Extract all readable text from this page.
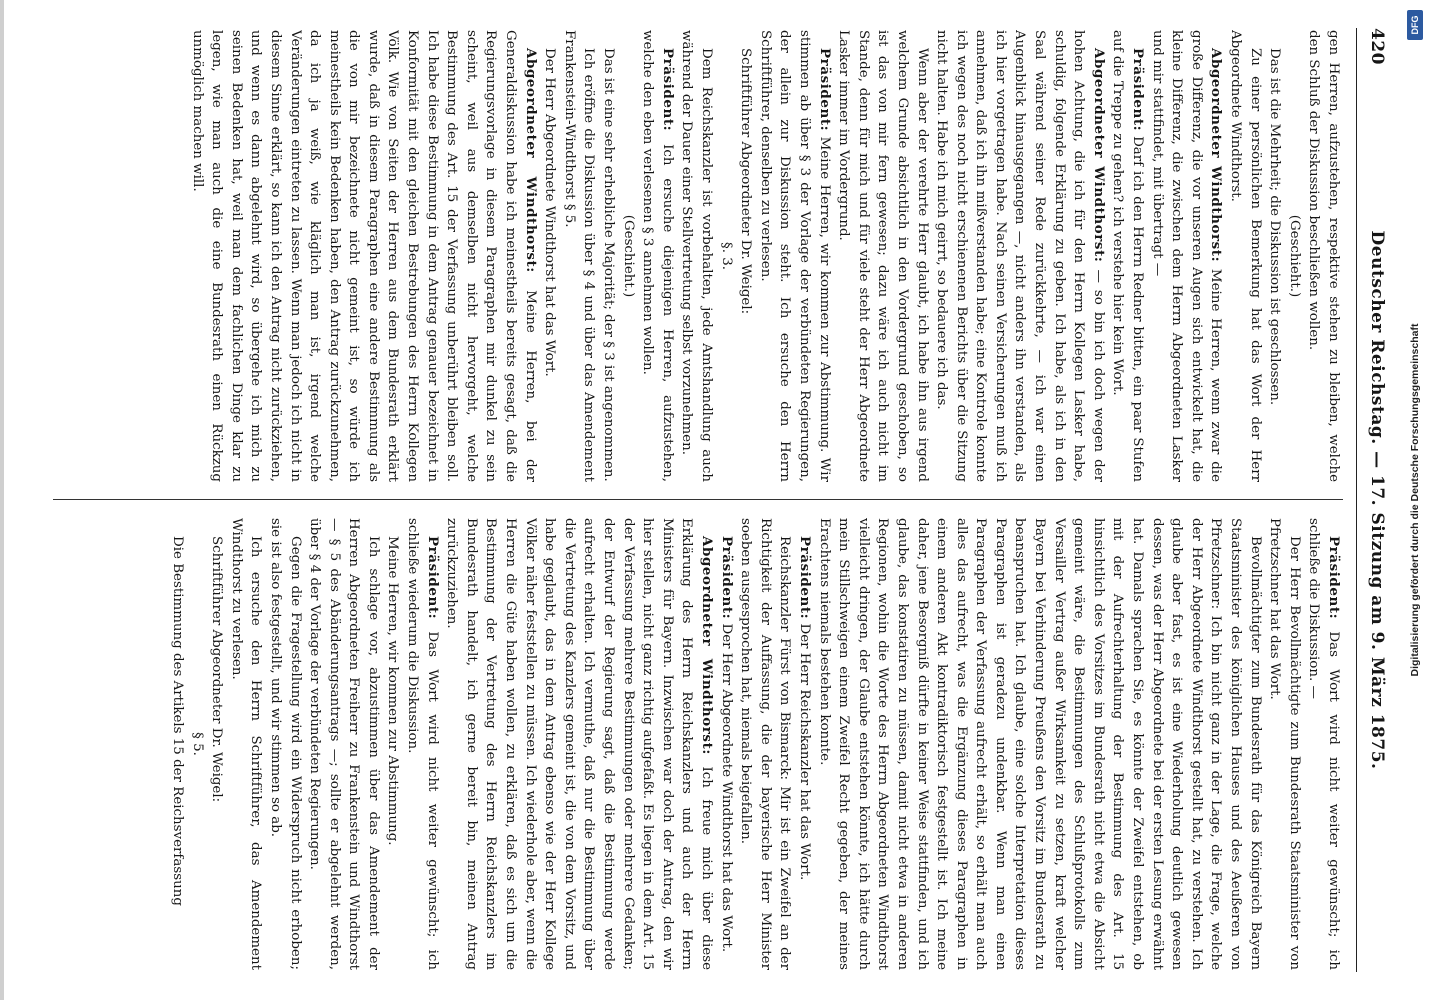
420
Deutscher Reichstag. — 17. Sitzung am 9. März 1875.

gen Herren, aufzustehen, respektive stehen zu bleiben, welche den Schluß der Diskussion beschließen wollen.

(Geschieht.)

Das ist die Mehrheit; die Diskussion ist geschlossen.

Zu einer persönlichen Bemerkung hat das Wort der Herr Abgeordnete Windthorst.

Abgeordneter Windthorst: Meine Herren, wenn zwar die große Differenz, die vor unseren Augen sich entwickelt hat, die kleine Differenz, die zwischen dem Herrn Abgeordneten Lasker und mir stattfindet, mit übertragt —

Präsident: Darf ich den Herrn Redner bitten, ein paar Stufen auf die Treppe zu gehen? ich verstehe hier kein Wort.

Abgeordneter Windthorst: — so bin ich doch wegen der hohen Achtung, die ich für den Herrn Kollegen Lasker habe, schuldig, folgende Erklärung zu geben. Ich habe, als ich in den Saal während seiner Rede zurückkehrte, — ich war einen Augenblick hinausgegangen —, nicht anders ihn verstanden, als ich hier vorgetragen habe. Nach seinen Versicherungen muß ich annehmen, daß ich ihn mißverstanden habe; eine Kontrole konnte ich wegen des noch nicht erschienenen Berichts über die Sitzung nicht halten. Habe ich mich geirrt, so bedauere ich das.

Wenn aber der verehrte Herr glaubt, ich habe ihn aus irgend welchem Grunde absichtlich in den Vordergrund geschoben, so ist das von mir fern gewesen; dazu wäre ich auch nicht im Stande, denn für mich und für viele steht der Herr Abgeordnete Lasker immer im Vordergrund.

Präsident: Meine Herren, wir kommen zur Abstimmung. Wir stimmen ab über § 3 der Vorlage der verbündeten Regierungen, der allein zur Diskussion steht. Ich ersuche den Herrn Schriftführer, denselben zu verlesen.

Schriftführer Abgeordneter Dr. Weigel:

§. 3.

Dem Reichskanzler ist vorbehalten, jede Amtshandlung auch während der Dauer einer Stellvertretung selbst vorzunehmen.

Präsident: Ich ersuche diejenigen Herren, aufzustehen, welche den eben verlesenen § 3 annehmen wollen.

(Geschieht.)

Das ist eine sehr erhebliche Majorität; der § 3 ist angenommen.

Ich eröffne die Diskussion über § 4 und über das Amendement Frankenstein-Windthorst § 5.

Der Herr Abgeordnete Windthorst hat das Wort.

Abgeordneter Windthorst: Meine Herren, bei der Generaldiskussion habe ich meinestheils bereits gesagt, daß die Regierungsvorlage in diesem Paragraphen mir dunkel zu sein scheint, weil aus demselben nicht hervorgeht, welche Bestimmung des Art. 15 der Verfassung unberührt bleiben soll. Ich habe diese Bestimmung in dem Antrag genauer bezeichnet in Konformität mit den gleichen Bestrebungen des Herrn Kollegen Völk. Wie von Seiten der Herren aus dem Bundesrath erklärt wurde, daß in diesem Paragraphen eine andere Bestimmung als die von mir bezeichnete nicht gemeint ist, so würde ich meinestheils kein Bedenken haben, den Antrag zurückzunehmen, da ich ja weiß, wie kläglich man ist, irgend welche Veränderungen eintreten zu lassen. Wenn man jedoch ich nicht in diesem Sinne erklärt, so kann ich den Antrag nicht zurückziehen, und wenn es dann abgelehnt wird, so übergehe ich mich zu seinen Bedenken hat, weil man dem fachlichen Dinge klar zu legen, wie man auch die eine Bundesrath einen Rückzug unmöglich machen will.

Präsident: Das Wort wird nicht weiter gewünscht; ich schließe die Diskussion. —

Der Herr Bevollmächtigte zum Bundesrath Staatsminister von Pfretzschner hat das Wort.

Bevollmächtigter zum Bundesrath für das Königreich Bayern Staatsminister des königlichen Hauses und des Aeußeren von Pfretzschner: Ich bin nicht ganz in der Lage, die Frage, welche der Herr Abgeordnete Windthorst gestellt hat, zu verstehen. Ich glaube aber fast, es ist eine Wiederholung deutlich gewesen dessen, was der Herr Abgeordnete bei der ersten Lesung erwähnt hat. Damals sprachen Sie, es könnte der Zweifel entstehen, ob mit der Aufrechterhaltung der Bestimmung des Art. 15 hinsichtlich des Vorsitzes im Bundesrath nicht etwa die Absicht gemeint wäre, die Bestimmungen des Schlußprotokolls zum Versailler Vertrag außer Wirksamkeit zu setzen, kraft welcher Bayern bei Verhinderung Preußens den Vorsitz im Bundesrath zu beanspruchen hat. Ich glaube, eine solche Interpretation dieses Paragraphen ist geradezu undenkbar. Wenn man einen Paragraphen der Verfassung aufrecht erhält, so erhält man auch alles das aufrecht, was die Ergänzung dieses Paragraphen in einem anderen Akt kontradiktorisch festgestellt ist. Ich meine daher, jene Besorgniß dürfte in keiner Weise stattfinden, und ich glaube, das konstatiren zu müssen, damit nicht etwa in anderen Regionen, wohin die Worte des Herrn Abgeordneten Windthorst vielleicht dringen, der Glaube entstehen könnte, ich hätte durch mein Stillschweigen einem Zweifel Recht gegeben, der meines Erachtens niemals bestehen konnte.

Präsident: Der Herr Reichskanzler hat das Wort.

Reichskanzler Fürst von Bismarck: Mir ist ein Zweifel an der Richtigkeit der Auffassung, die der bayerische Herr Minister soeben ausgesprochen hat, niemals beigefallen.

Präsident: Der Herr Abgeordnete Windthorst hat das Wort.

Abgeordneter Windthorst: Ich freue mich über diese Erklärung des Herrn Reichskanzlers und auch der Herrn Ministers für Bayern. Inzwischen war doch der Antrag, den wir hier stellen, nicht ganz richtig aufgefaßt. Es liegen in dem Art. 15 der Verfassung mehrere Bestimmungen oder mehrere Gedanken; der Entwurf der Regierung sagt, daß die Bestimmung werde aufrecht erhalten. Ich vermuthe, daß nur die Bestimmung über die Vertretung des Kanzlers gemeint ist, die von dem Vorsitz, und habe geglaubt, das in dem Antrag ebenso wie der Herr Kollege Völker näher feststellen zu müssen. Ich wiederhole aber, wenn die Herren die Güte haben wollen, zu erklären, daß es sich um die Bestimmung der Vertretung des Herrn Reichskanzlers im Bundesrath handelt, ich gerne bereit bin, meinen Antrag zurückzuziehen.

Präsident: Das Wort wird nicht weiter gewünscht; ich schließe wiederum die Diskussion.

Meine Herren, wir kommen zur Abstimmung.

Ich schlage vor, abzustimmen über das Amendement der Herren Abgeordneten Freiherr zu Frankenstein und Windthorst — § 5 des Abänderungsantrags —; sollte er abgelehnt werden, über § 4 der Vorlage der verbündeten Regierungen.

Gegen die Fragestellung wird ein Widerspruch nicht erhoben; sie ist also festgestellt, und wir stimmen so ab.

Ich ersuche den Herrn Schriftführer, das Amendement Windthorst zu verlesen.

Schriftführer Abgeordneter Dr. Weigel:

§ 5.

Die Bestimmung des Artikels 15 der Reichsverfassung

DFG
Digitalisierung gefördert durch die Deutsche Forschungsgemeinschaft
